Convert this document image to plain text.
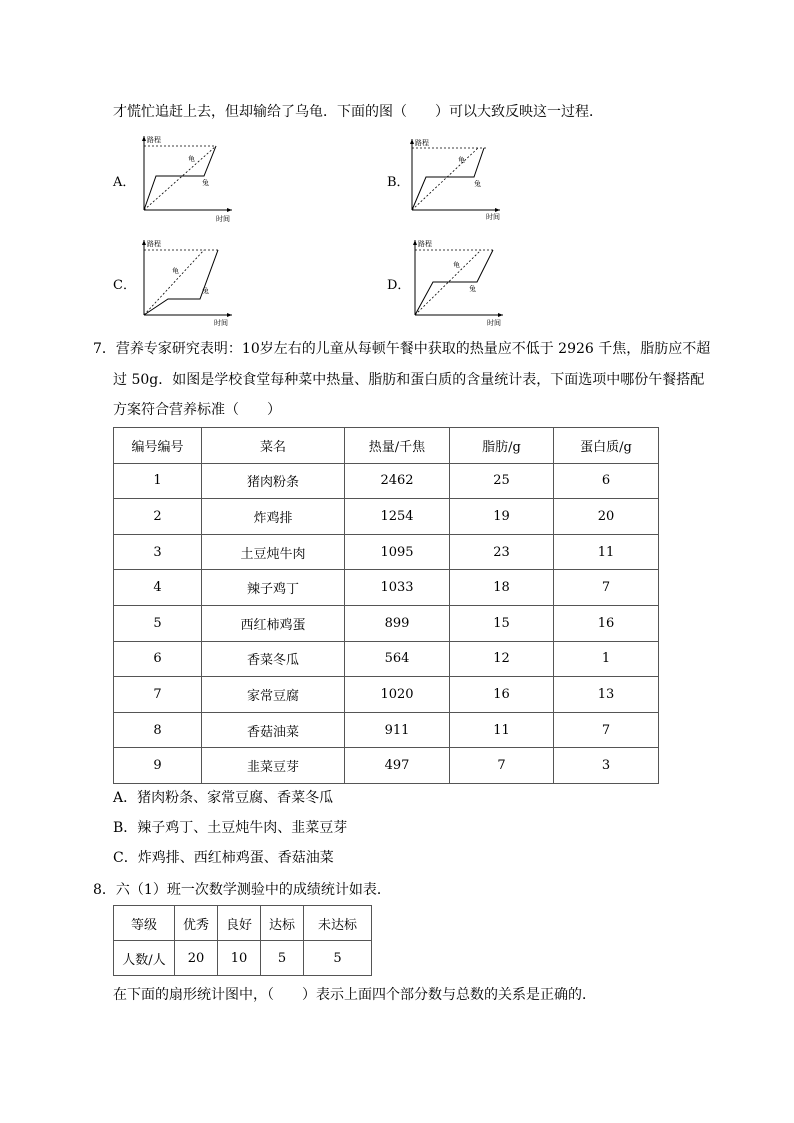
才慌忙追赶上去，但却输给了乌龟．下面的图（　　）可以大致反映这一过程．
A．
路程
时间
龟
兔	B．
路程
时间
龟
兔
C．
路程
时间
龟
兔	D．
路程
时间
龟
兔
7．营养专家研究表明：10岁左右的儿童从每顿午餐中获取的热量应不低于 2926 千焦，脂肪应不超
过 50g．如图是学校食堂每种菜中热量、脂肪和蛋白质的含量统计表，下面选项中哪份午餐搭配
方案符合营养标准（　　）
编号编号	菜名	热量/千焦	脂肪/g	蛋白质/g
1	猪肉粉条	2462	25	6
2	炸鸡排	1254	19	20
3	土豆炖牛肉	1095	23	11
4	辣子鸡丁	1033	18	7
5	西红柿鸡蛋	899	15	16
6	香菜冬瓜	564	12	1
7	家常豆腐	1020	16	13
8	香菇油菜	911	11	7
9	韭菜豆芽	497	7	3
A．猪肉粉条、家常豆腐、香菜冬瓜
B．辣子鸡丁、土豆炖牛肉、韭菜豆芽
C．炸鸡排、西红柿鸡蛋、香菇油菜
8．六（1）班一次数学测验中的成绩统计如表．
等级	优秀	良好	达标	未达标
人数/人	20	10	5	5
在下面的扇形统计图中，（　　）表示上面四个部分数与总数的关系是正确的．
